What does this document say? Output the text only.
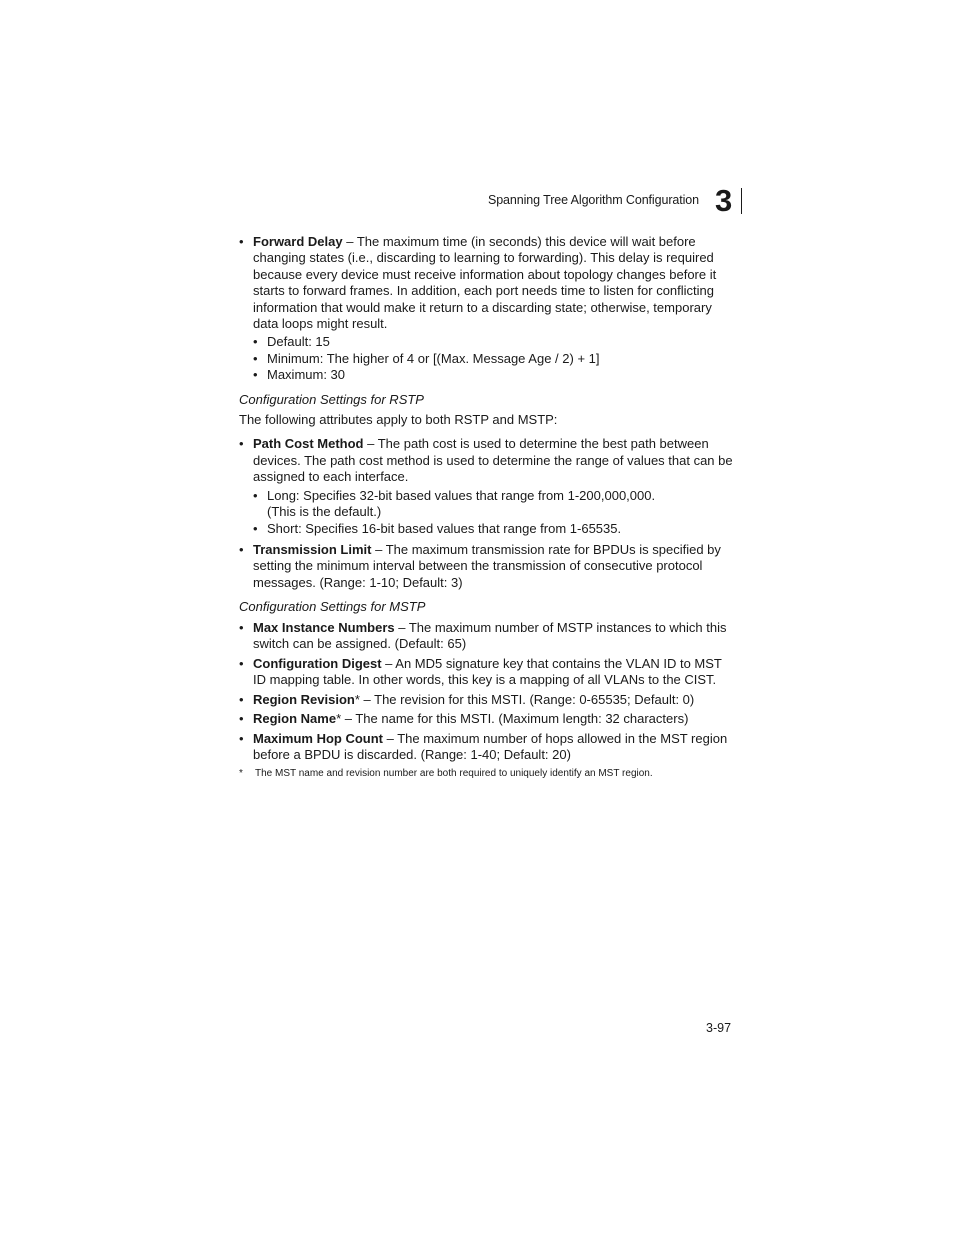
Spanning Tree Algorithm Configuration 3
• Forward Delay – The maximum time (in seconds) this device will wait before changing states (i.e., discarding to learning to forwarding). This delay is required because every device must receive information about topology changes before it starts to forward frames. In addition, each port needs time to listen for conflicting information that would make it return to a discarding state; otherwise, temporary data loops might result.
• Default: 15
• Minimum: The higher of 4 or [(Max. Message Age / 2) + 1]
• Maximum: 30
Configuration Settings for RSTP

The following attributes apply to both RSTP and MSTP:

• Path Cost Method – The path cost is used to determine the best path between devices. The path cost method is used to determine the range of values that can be assigned to each interface.
• Long: Specifies 32-bit based values that range from 1-200,000,000.
(This is the default.)
• Short: Specifies 16-bit based values that range from 1-65535.
• Transmission Limit – The maximum transmission rate for BPDUs is specified by setting the minimum interval between the transmission of consecutive protocol messages. (Range: 1-10; Default: 3)
Configuration Settings for MSTP
• Max Instance Numbers – The maximum number of MSTP instances to which this switch can be assigned. (Default: 65)
• Configuration Digest – An MD5 signature key that contains the VLAN ID to MST ID mapping table. In other words, this key is a mapping of all VLANs to the CIST.
• Region Revision* – The revision for this MSTI. (Range: 0-65535; Default: 0)
• Region Name* – The name for this MSTI. (Maximum length: 32 characters)
• Maximum Hop Count – The maximum number of hops allowed in the MST region before a BPDU is discarded. (Range: 1-40; Default: 20)
* The MST name and revision number are both required to uniquely identify an MST region.
3-97
